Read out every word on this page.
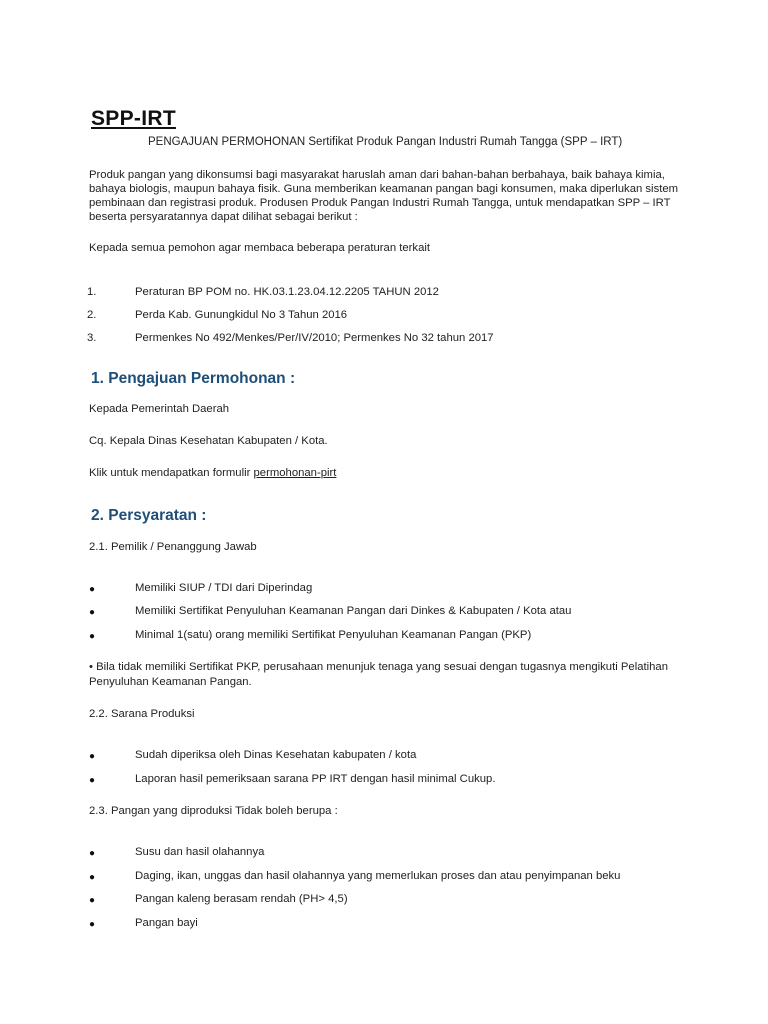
SPP-IRT
PENGAJUAN PERMOHONAN Sertifikat Produk Pangan Industri Rumah Tangga (SPP – IRT)
Produk pangan yang dikonsumsi bagi masyarakat haruslah aman dari bahan-bahan berbahaya, baik bahaya kimia, bahaya biologis, maupun bahaya fisik. Guna memberikan keamanan pangan bagi konsumen, maka diperlukan sistem pembinaan dan registrasi produk. Produsen Produk Pangan Industri Rumah Tangga, untuk mendapatkan SPP – IRT beserta persyaratannya dapat dilihat sebagai berikut :
Kepada semua pemohon agar membaca beberapa peraturan terkait
1.	Peraturan BP POM no. HK.03.1.23.04.12.2205 TAHUN 2012
2.	Perda Kab. Gunungkidul No 3 Tahun 2016
3.	Permenkes No 492/Menkes/Per/IV/2010; Permenkes No 32 tahun 2017
1. Pengajuan Permohonan :
Kepada Pemerintah Daerah
Cq. Kepala Dinas Kesehatan Kabupaten / Kota.
Klik untuk mendapatkan formulir permohonan-pirt
2. Persyaratan :
2.1. Pemilik / Penanggung Jawab
●	Memiliki SIUP / TDI dari Diperindag
●	Memiliki Sertifikat Penyuluhan Keamanan Pangan dari Dinkes & Kabupaten / Kota atau
●	Minimal 1(satu) orang memiliki Sertifikat Penyuluhan Keamanan Pangan (PKP)
• Bila tidak memiliki Sertifikat PKP, perusahaan menunjuk tenaga yang sesuai dengan tugasnya mengikuti Pelatihan Penyuluhan Keamanan Pangan.
2.2. Sarana Produksi
●	Sudah diperiksa oleh Dinas Kesehatan kabupaten / kota
●	Laporan hasil pemeriksaan sarana PP IRT dengan hasil minimal Cukup.
2.3. Pangan yang diproduksi Tidak boleh berupa :
●	Susu dan hasil olahannya
●	Daging, ikan, unggas dan hasil olahannya yang memerlukan proses dan atau penyimpanan beku
●	Pangan kaleng berasam rendah (PH> 4,5)
●	Pangan bayi
